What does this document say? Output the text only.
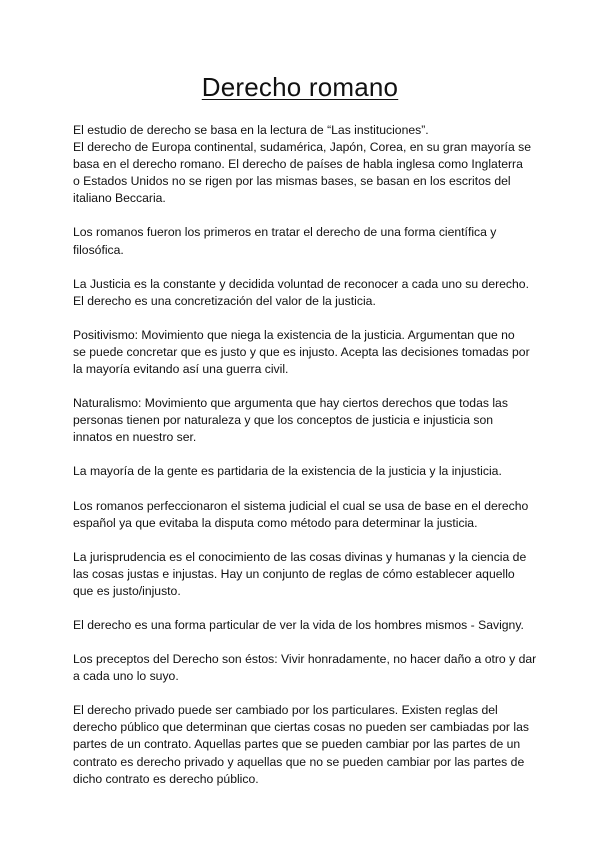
Derecho romano

El estudio de derecho se basa en la lectura de “Las instituciones”.
El derecho de Europa continental, sudamérica, Japón, Corea, en su gran mayoría se
basa en el derecho romano. El derecho de países de habla inglesa como Inglaterra
o Estados Unidos no se rigen por las mismas bases, se basan en los escritos del
italiano Beccaria.

Los romanos fueron los primeros en tratar el derecho de una forma científica y
filosófica.

La Justicia es la constante y decidida voluntad de reconocer a cada uno su derecho.
El derecho es una concretización del valor de la justicia.

Positivismo: Movimiento que niega la existencia de la justicia. Argumentan que no
se puede concretar que es justo y que es injusto. Acepta las decisiones tomadas por
la mayoría evitando así una guerra civil.

Naturalismo: Movimiento que argumenta que hay ciertos derechos que todas las
personas tienen por naturaleza y que los conceptos de justicia e injusticia son
innatos en nuestro ser.

La mayoría de la gente es partidaria de la existencia de la justicia y la injusticia.

Los romanos perfeccionaron el sistema judicial el cual se usa de base en el derecho
español ya que evitaba la disputa como método para determinar la justicia.

La jurisprudencia es el conocimiento de las cosas divinas y humanas y la ciencia de
las cosas justas e injustas. Hay un conjunto de reglas de cómo establecer aquello
que es justo/injusto.

El derecho es una forma particular de ver la vida de los hombres mismos - Savigny.

Los preceptos del Derecho son éstos: Vivir honradamente, no hacer daño a otro y dar
a cada uno lo suyo.

El derecho privado puede ser cambiado por los particulares. Existen reglas del
derecho público que determinan que ciertas cosas no pueden ser cambiadas por las
partes de un contrato. Aquellas partes que se pueden cambiar por las partes de un
contrato es derecho privado y aquellas que no se pueden cambiar por las partes de
dicho contrato es derecho público.
